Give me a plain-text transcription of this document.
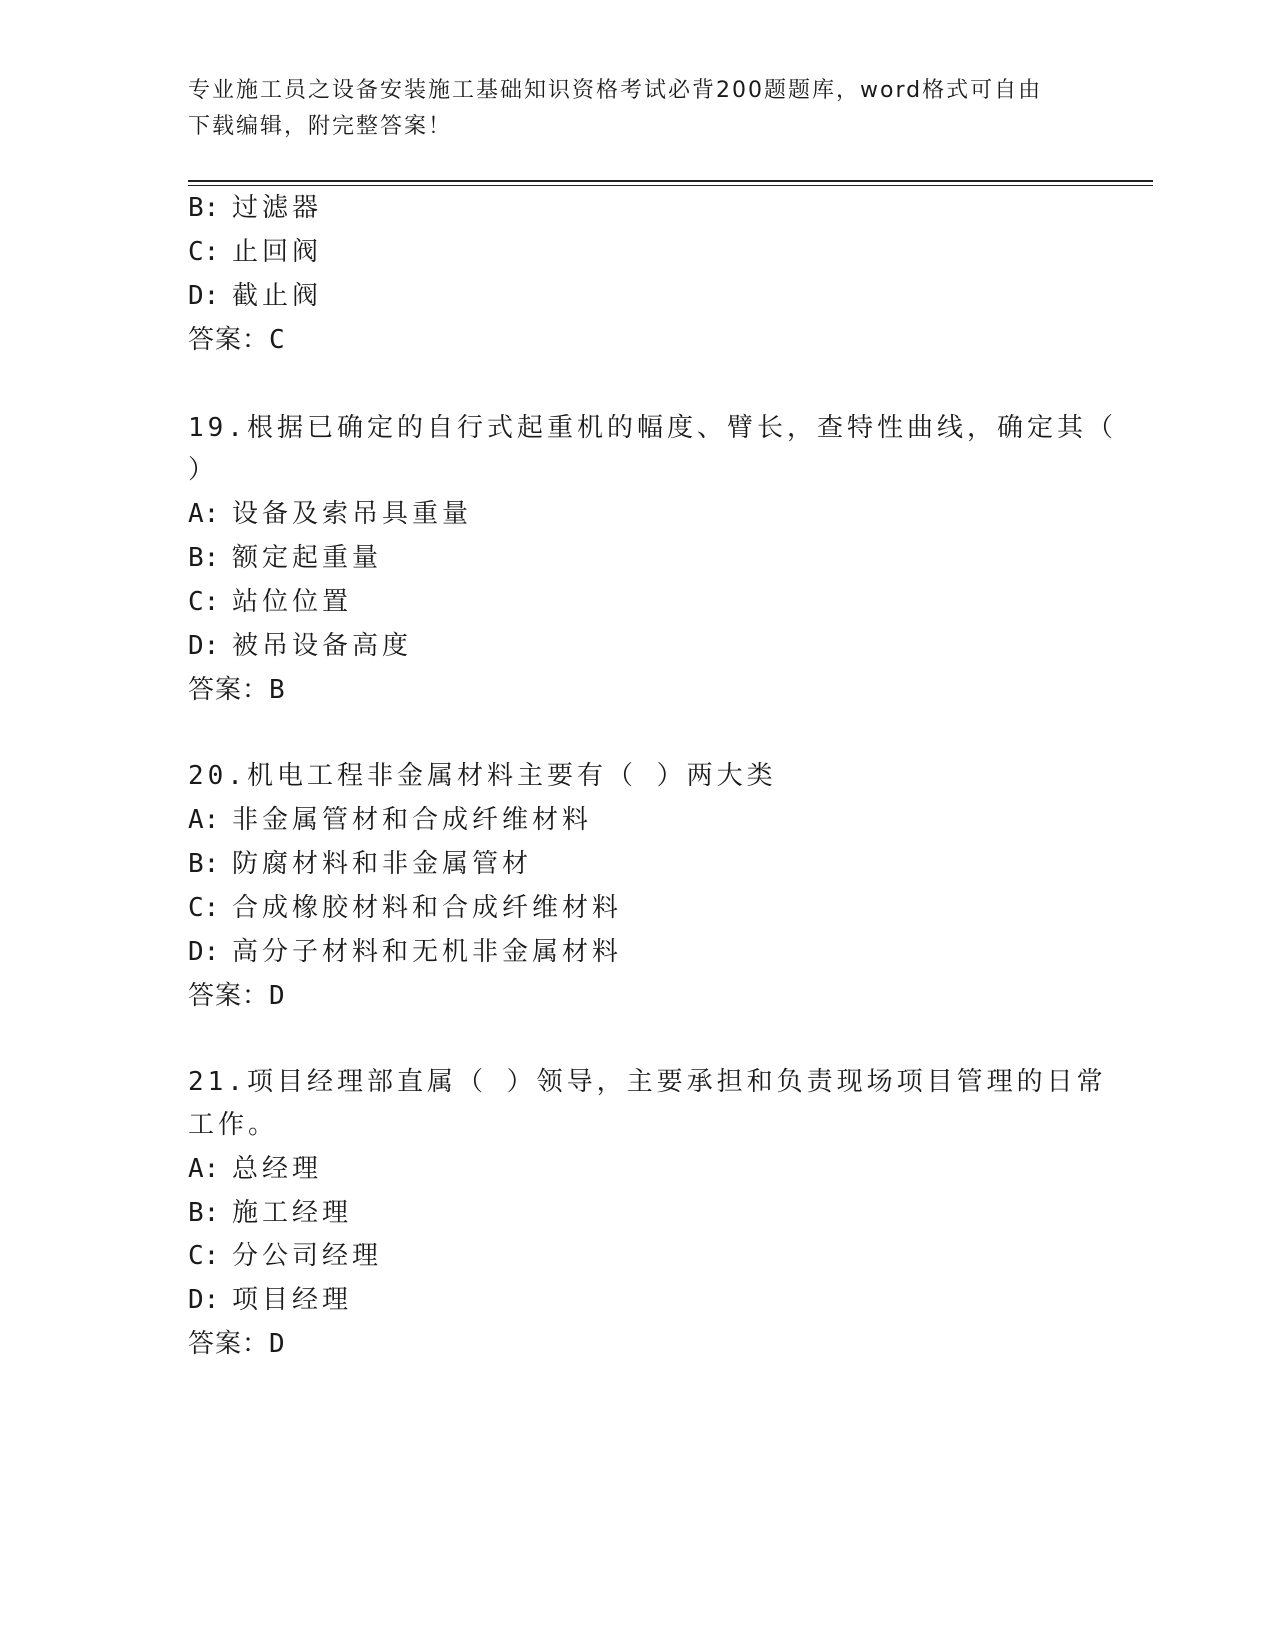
专业施工员之设备安装施工基础知识资格考试必背200题题库，word格式可自由
下载编辑，附完整答案！

B: 过滤器

C: 止回阀

D: 截止阀

答案：C

19.根据已确定的自行式起重机的幅度、臂长，查特性曲线，确定其（

）

A: 设备及索吊具重量

B: 额定起重量

C: 站位位置

D: 被吊设备高度

答案：B

20.机电工程非金属材料主要有（ ）两大类

A: 非金属管材和合成纤维材料

B: 防腐材料和非金属管材

C: 合成橡胶材料和合成纤维材料

D: 高分子材料和无机非金属材料

答案：D

21.项目经理部直属（ ）领导，主要承担和负责现场项目管理的日常

工作。

A: 总经理

B: 施工经理

C: 分公司经理

D: 项目经理

答案：D
